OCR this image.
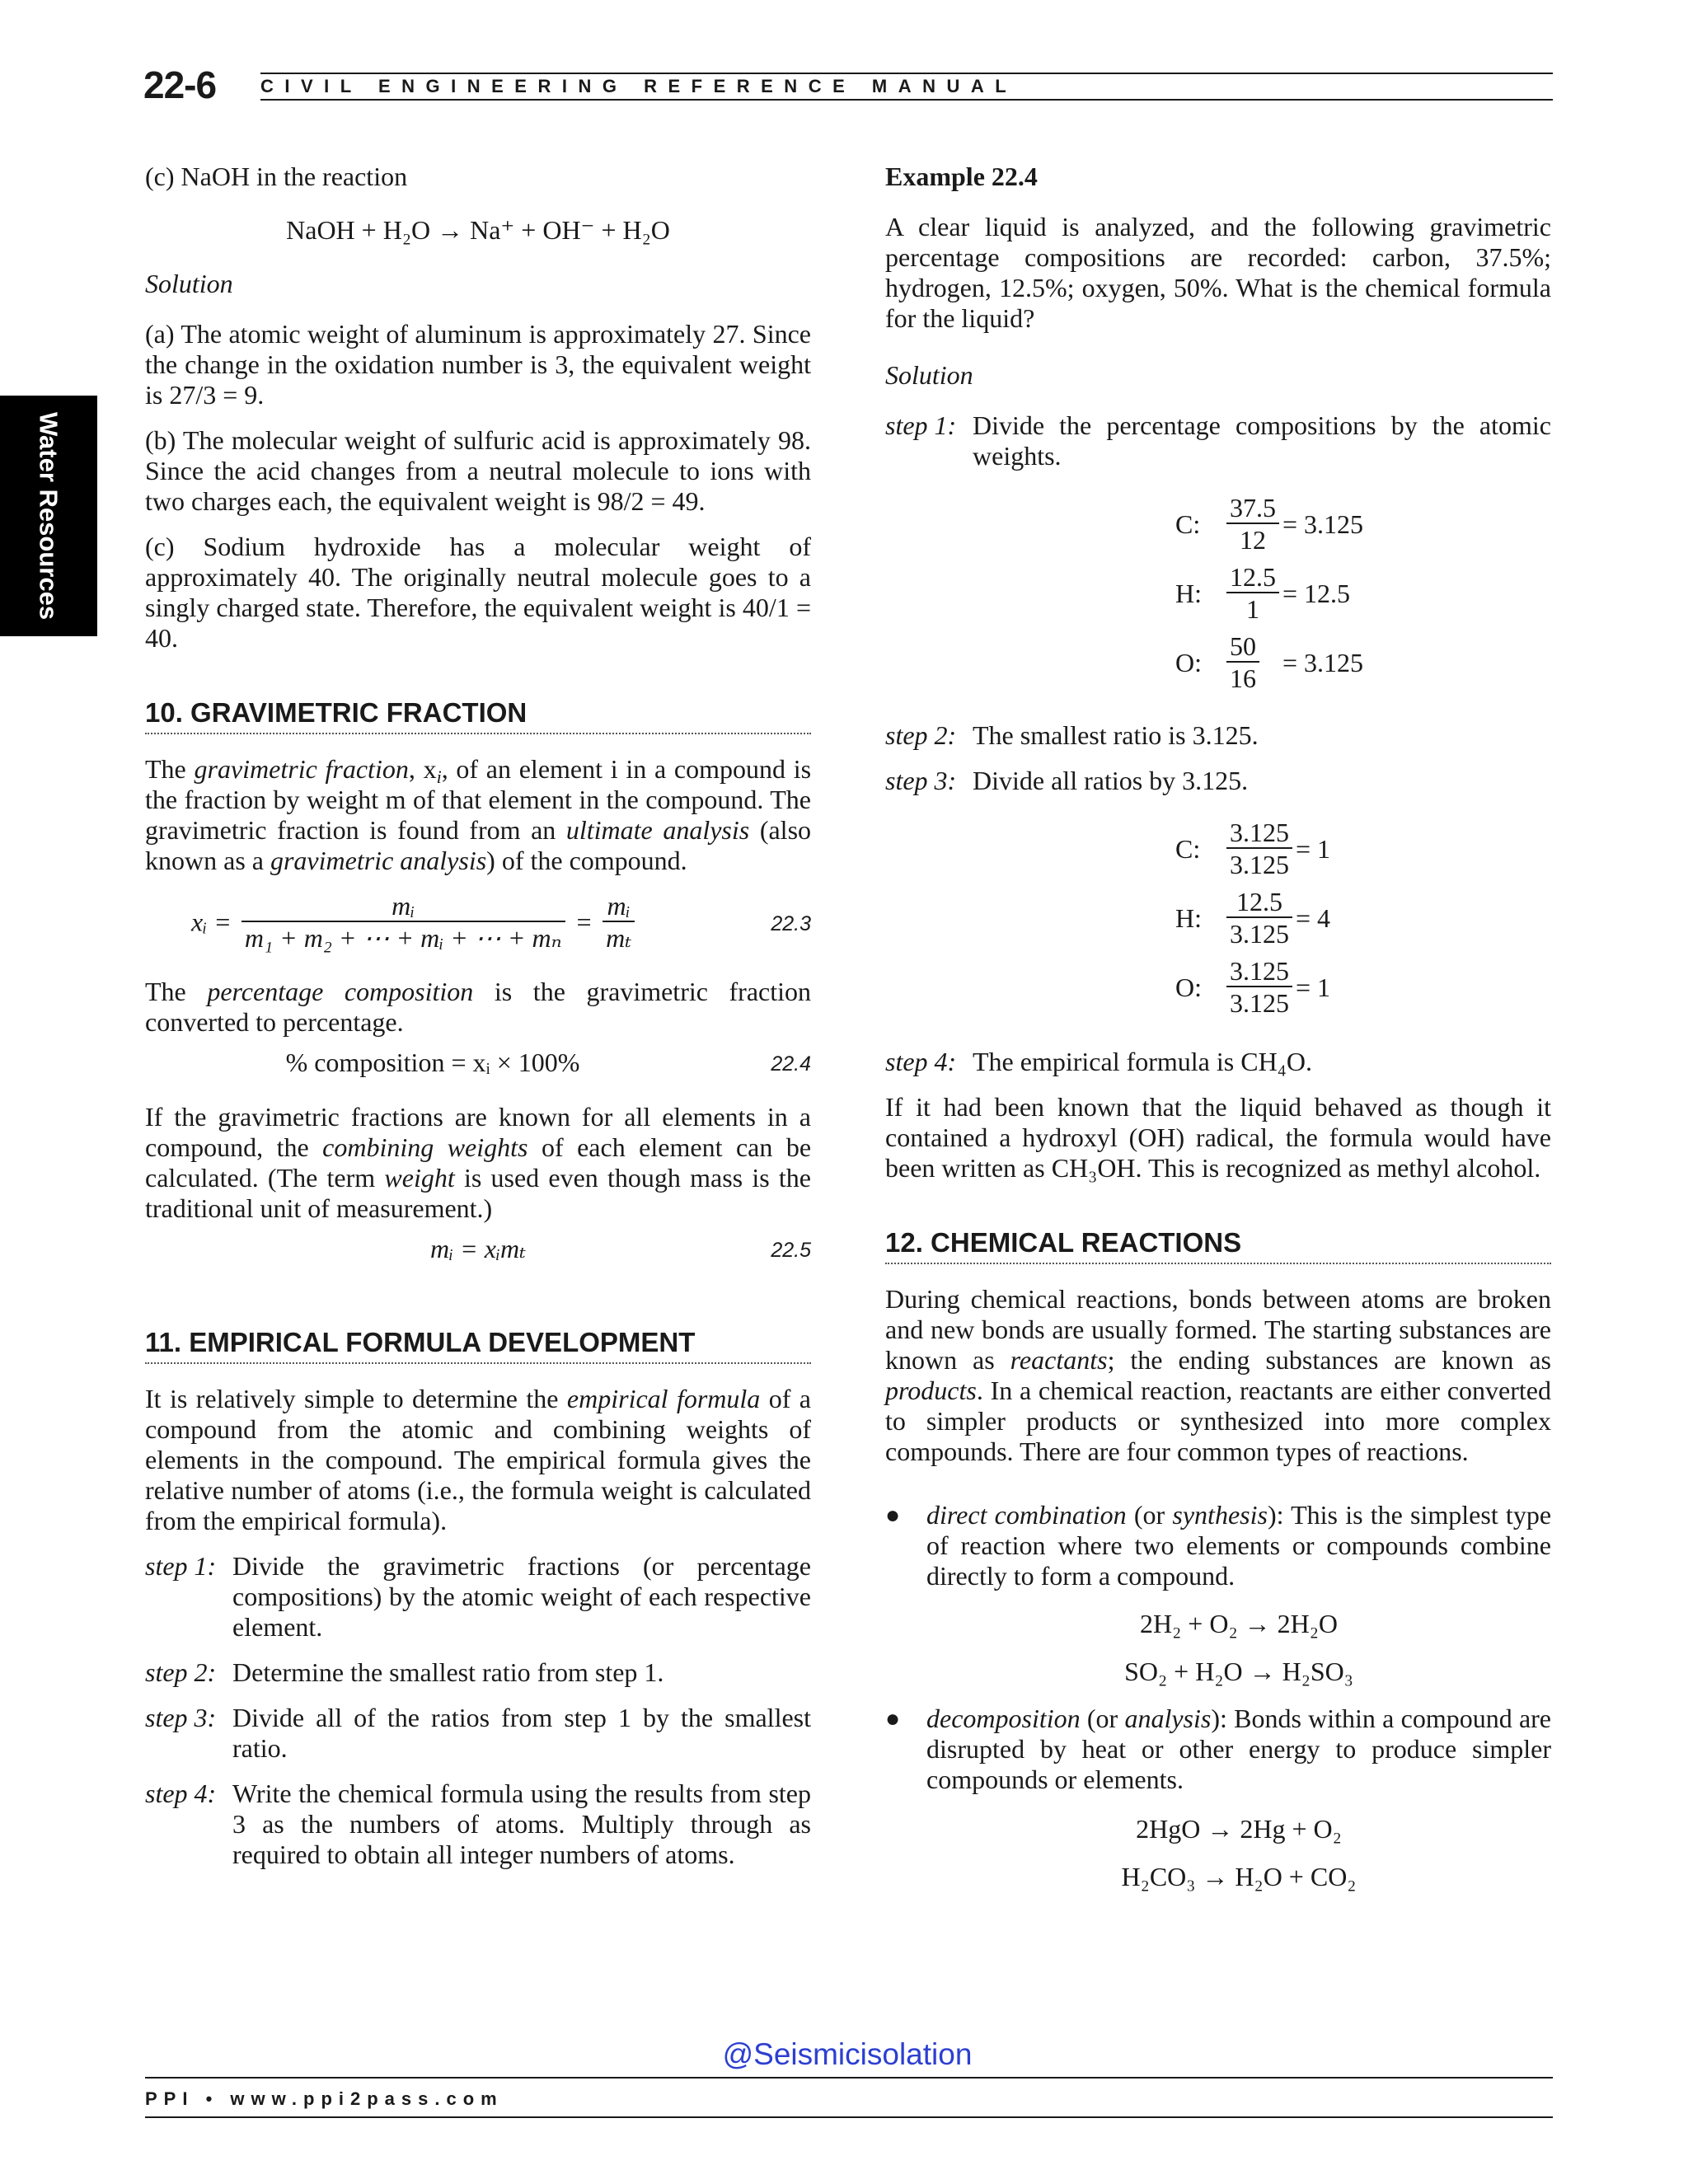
22-6 CIVIL ENGINEERING REFERENCE MANUAL
Water Resources

(c) NaOH in the reaction

NaOH + H₂O → Na⁺ + OH⁻ + H₂O

Solution

(a) The atomic weight of aluminum is approximately 27. Since the change in the oxidation number is 3, the equivalent weight is 27/3 = 9.

(b) The molecular weight of sulfuric acid is approximately 98. Since the acid changes from a neutral molecule to ions with two charges each, the equivalent weight is 98/2 = 49.

(c) Sodium hydroxide has a molecular weight of approximately 40. The originally neutral molecule goes to a singly charged state. Therefore, the equivalent weight is 40/1 = 40.

10. GRAVIMETRIC FRACTION

The gravimetric fraction, $x_i$, of an element i in a compound is the fraction by weight m of that element in the compound. The gravimetric fraction is found from an ultimate analysis (also known as a gravimetric analysis) of the compound.

xᵢ = $\frac{\text{mᵢ}}{\text{m₁ + m₂ + ⋯ + mᵢ + ⋯ + mₙ}} = \frac{\text{mᵢ}}{\text{mₜ}}$	22.3

The percentage composition is the gravimetric fraction converted to percentage.

% composition = xᵢ × 100%	22.4

If the gravimetric fractions are known for all elements in a compound, the combining weights of each element can be calculated. (The term weight is used even though mass is the traditional unit of measurement.)

mᵢ = xᵢmₜ	22.5
11. EMPIRICAL FORMULA DEVELOPMENT

It is relatively simple to determine the empirical formula of a compound from the atomic and combining weights of elements in the compound. The empirical formula gives the relative number of atoms (i.e., the formula weight is calculated from the empirical formula).

step 1: Divide the gravimetric fractions (or percentage compositions) by the atomic weight of each respective element.
step 2: Determine the smallest ratio from step 1.
step 3: Divide all of the ratios from step 1 by the smallest ratio.
step 4: Write the chemical formula using the results from step 3 as the numbers of atoms. Multiply through as required to obtain all integer numbers of atoms.
Example 22.4

A clear liquid is analyzed, and the following gravimetric percentage compositions are recorded: carbon, 37.5%; hydrogen, 12.5%; oxygen, 50%. What is the chemical formula for the liquid?

Solution

step 1: Divide the percentage compositions by the atomic weights.
C:	$\frac{37.5}{12}$	= 3.125
H:	$\frac{12.5}{1}$	= 12.5
O:	$\frac{50}{16}$	= 3.125
step 2: The smallest ratio is 3.125.
step 3: Divide all ratios by 3.125.
C:	$\frac{3.125}{3.125}$	= 1
H:	$\frac{12.5}{3.125}$	= 4
O:	$\frac{3.125}{3.125}$	= 1
step 4: The empirical formula is CH₄O.

If it had been known that the liquid behaved as though it contained a hydroxyl (OH) radical, the formula would have been written as CH₃OH. This is recognized as methyl alcohol.

12. CHEMICAL REACTIONS

During chemical reactions, bonds between atoms are broken and new bonds are usually formed. The starting substances are known as reactants; the ending substances are known as products. In a chemical reaction, reactants are either converted to simpler products or synthesized into more complex compounds. There are four common types of reactions.

● direct combination (or synthesis): This is the simplest type of reaction where two elements or compounds combine directly to form a compound.
2H₂ + O₂ → 2H₂O
SO₂ + H₂O → H₂SO₃
● decomposition (or analysis): Bonds within a compound are disrupted by heat or other energy to produce simpler compounds or elements.
2HgO → 2Hg + O₂
H₂CO₃ → H₂O + CO₂
@Seismicisolation
PPI • www.ppi2pass.com
